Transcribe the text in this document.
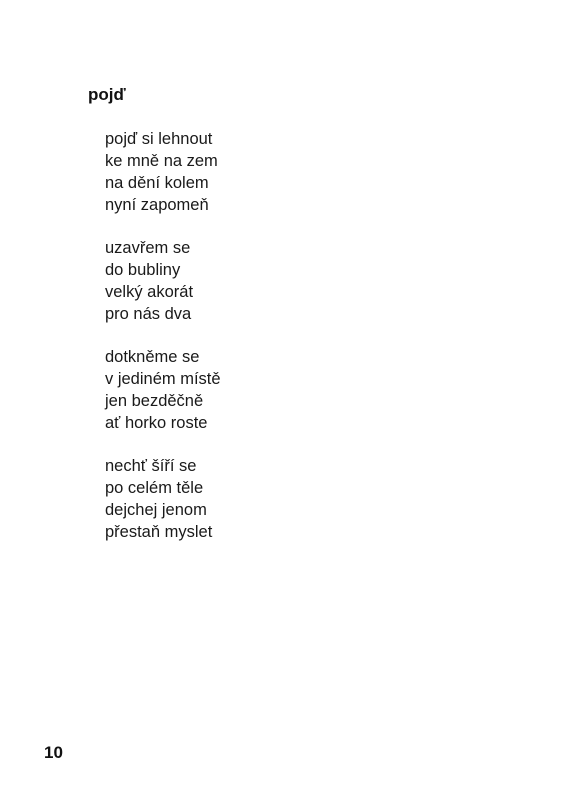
pojď
pojď si lehnout
ke mně na zem
na dění kolem
nyní zapomeň
uzavřem se
do bubliny
velký akorát
pro nás dva
dotkněme se
v jediném místě
jen bezděčně
ať horko roste
nechť šíří se
po celém těle
dejchej jenom
přestaň myslet
10
